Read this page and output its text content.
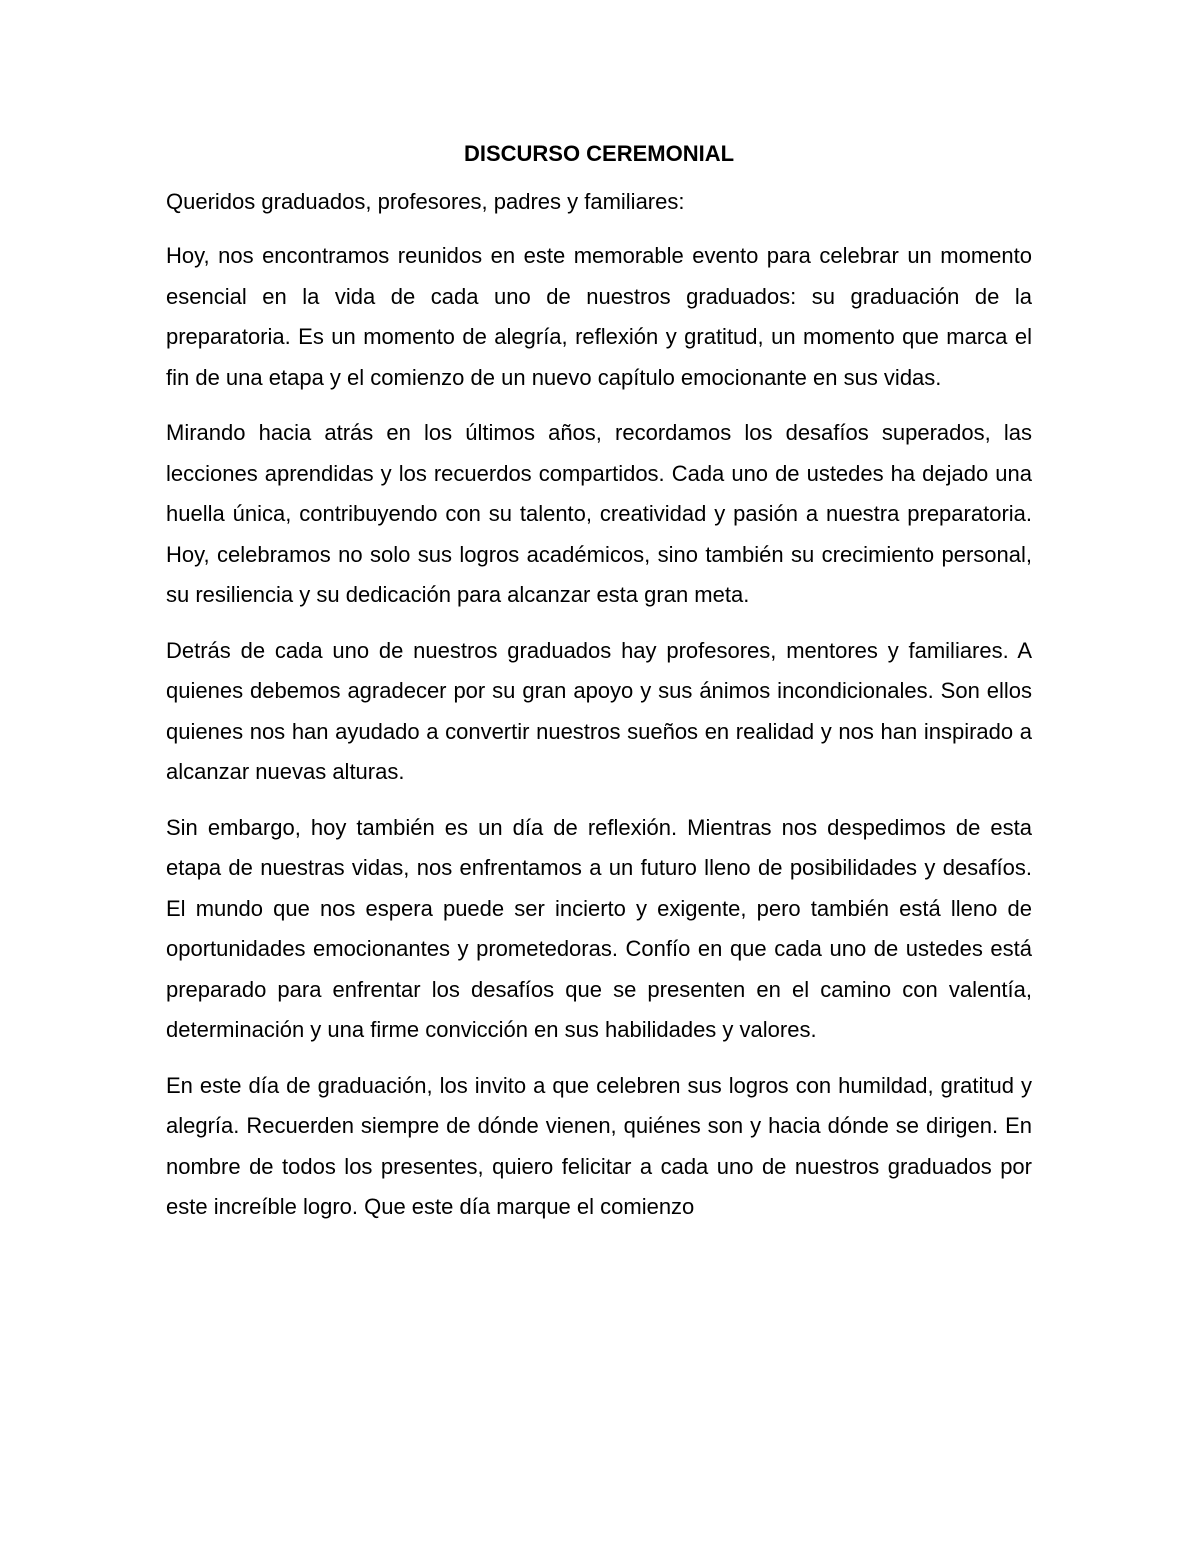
DISCURSO CEREMONIAL

Queridos graduados, profesores, padres y familiares:

Hoy, nos encontramos reunidos en este memorable evento para celebrar un momento esencial en la vida de cada uno de nuestros graduados: su graduación de la preparatoria. Es un momento de alegría, reflexión y gratitud, un momento que marca el fin de una etapa y el comienzo de un nuevo capítulo emocionante en sus vidas.

Mirando hacia atrás en los últimos años, recordamos los desafíos superados, las lecciones aprendidas y los recuerdos compartidos. Cada uno de ustedes ha dejado una huella única, contribuyendo con su talento, creatividad y pasión a nuestra preparatoria. Hoy, celebramos no solo sus logros académicos, sino también su crecimiento personal, su resiliencia y su dedicación para alcanzar esta gran meta.

Detrás de cada uno de nuestros graduados hay profesores, mentores y familiares. A quienes debemos agradecer por su gran apoyo y sus ánimos incondicionales. Son ellos quienes nos han ayudado a convertir nuestros sueños en realidad y nos han inspirado a alcanzar nuevas alturas.

Sin embargo, hoy también es un día de reflexión. Mientras nos despedimos de esta etapa de nuestras vidas, nos enfrentamos a un futuro lleno de posibilidades y desafíos. El mundo que nos espera puede ser incierto y exigente, pero también está lleno de oportunidades emocionantes y prometedoras. Confío en que cada uno de ustedes está preparado para enfrentar los desafíos que se presenten en el camino con valentía, determinación y una firme convicción en sus habilidades y valores.

En este día de graduación, los invito a que celebren sus logros con humildad, gratitud y alegría. Recuerden siempre de dónde vienen, quiénes son y hacia dónde se dirigen. En nombre de todos los presentes, quiero felicitar a cada uno de nuestros graduados por este increíble logro. Que este día marque el comienzo
